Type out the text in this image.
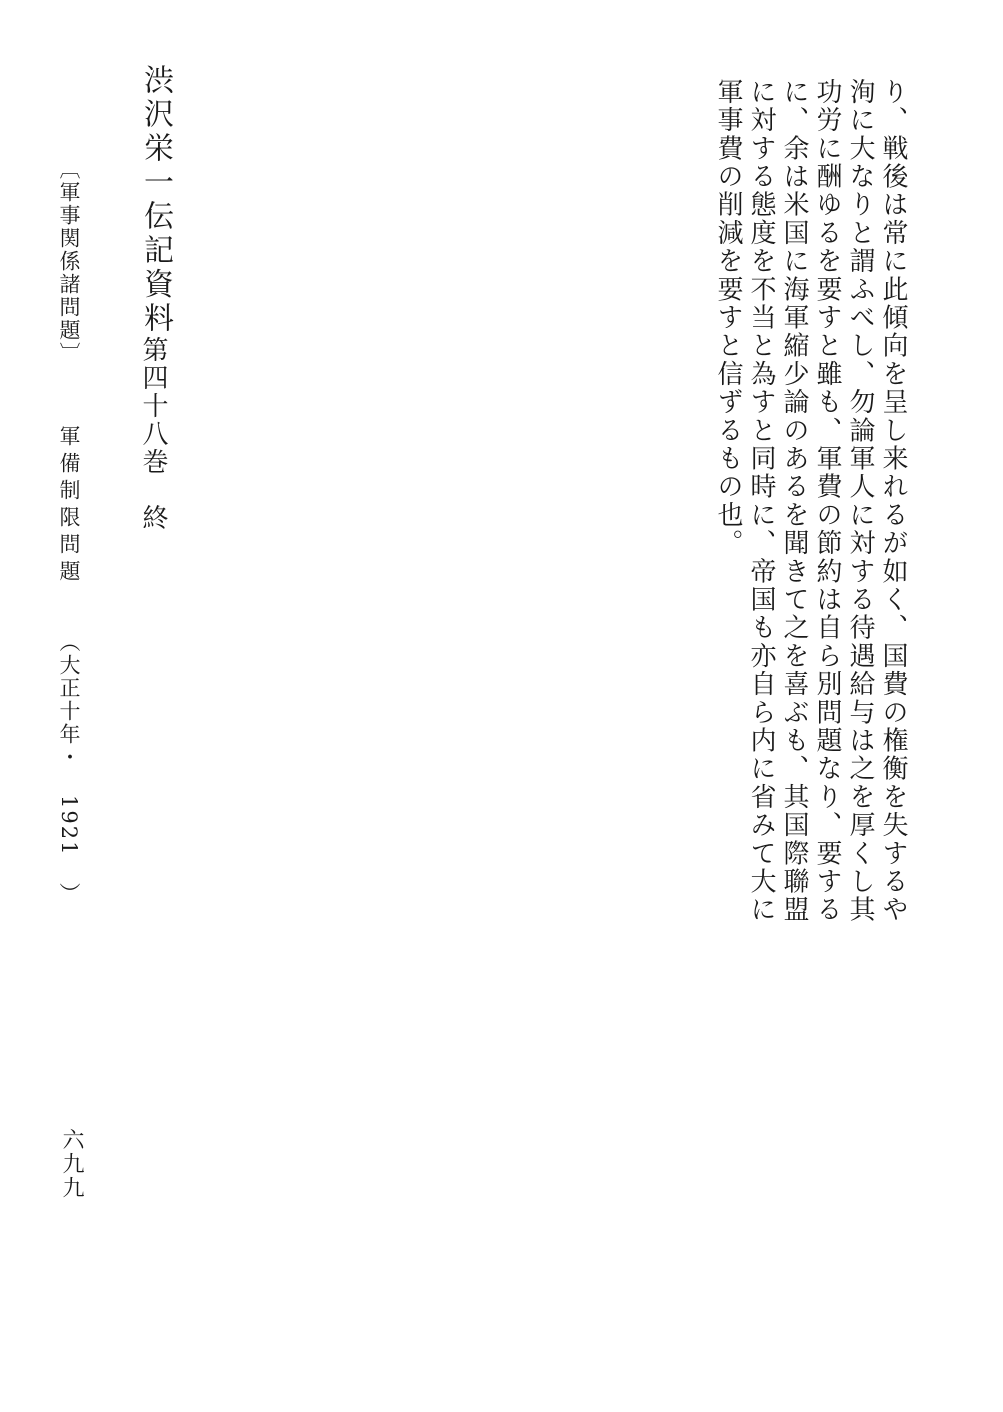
り、戦後は常に此傾向を呈し来れるが如く、国費の権衡を失するや
洵に大なりと謂ふべし、勿論軍人に対する待遇給与は之を厚くし其
功労に酬ゆるを要すと雖も、軍費の節約は自ら別問題なり、要する
に、余は米国に海軍縮少論のあるを聞きて之を喜ぶも、其国際聯盟
に対する態度を不当と為すと同時に、帝国も亦自ら内に省みて大に
軍事費の削減を要すと信ずるもの也。
渋沢栄一伝記資料
第四十八巻　終
〔軍事関係諸問題〕 軍備制限問題 （大正十年・ 1921 ）
六九九
